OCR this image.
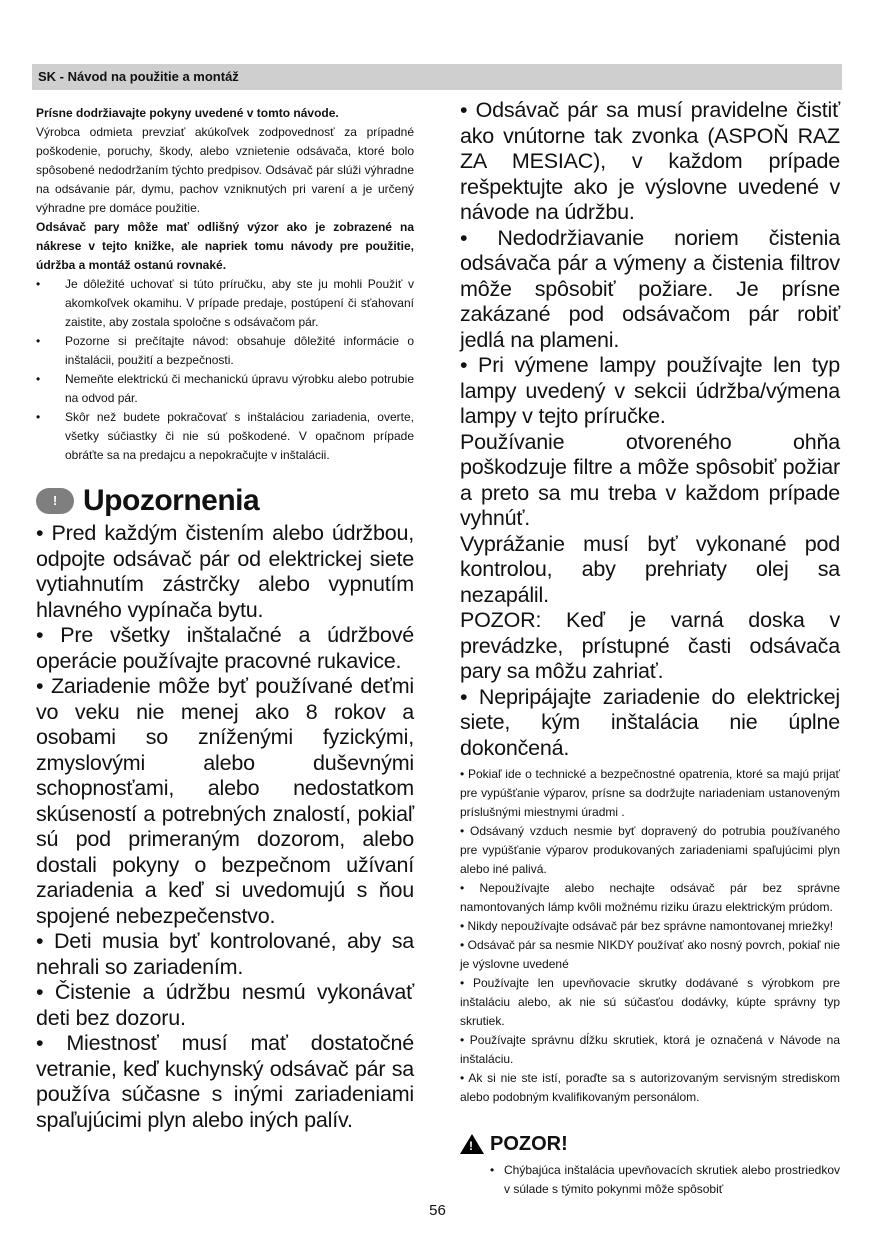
SK - Návod na použitie a montáž

Prísne dodržiavajte pokyny uvedené v tomto návode.

Výrobca odmieta prevziať akúkoľvek zodpovednosť za prípadné poškodenie, poruchy, škody, alebo vznietenie odsávača, ktoré bolo spôsobené nedodržaním týchto predpisov. Odsávač pár slúži výhradne na odsávanie pár, dymu, pachov vzniknutých pri varení a je určený výhradne pre domáce použitie.

Odsávač pary môže mať odlišný výzor ako je zobrazené na nákrese v tejto knižke, ale napriek tomu návody pre použitie, údržba a montáž ostanú rovnaké.

• Je dôležité uchovať si túto príručku, aby ste ju mohli Použiť v akomkoľvek okamihu. V prípade predaje, postúpení či sťahovaní zaistite, aby zostala spoločne s odsávačom pár.
• Pozorne si prečítajte návod: obsahuje dôležité informácie o inštalácii, použití a bezpečnosti.
• Nemeňte elektrickú či mechanickú úpravu výrobku alebo potrubie na odvod pár.
• Skôr než budete pokračovať s inštaláciou zariadenia, overte, všetky súčiastky či nie sú poškodené. V opačnom prípade obráťte sa na predajcu a nepokračujte v inštalácii.
! Upozornenia

• Pred každým čistením alebo údržbou, odpojte odsávač pár od elektrickej siete vytiahnutím zástrčky alebo vypnutím hlavného vypínača bytu.

• Pre všetky inštalačné a údržbové operácie používajte pracovné rukavice.

• Zariadenie môže byť používané deťmi vo veku nie menej ako 8 rokov a osobami so zníženými fyzickými, zmyslovými alebo duševnými schopnosťami, alebo nedostatkom skúseností a potrebných znalostí, pokiaľ sú pod primeraným dozorom, alebo dostali pokyny o bezpečnom užívaní zariadenia a keď si uvedomujú s ňou spojené nebezpečenstvo.

• Deti musia byť kontrolované, aby sa nehrali so zariadením.

• Čistenie a údržbu nesmú vykonávať deti bez dozoru.

• Miestnosť musí mať dostatočné vetranie, keď kuchynský odsávač pár sa používa súčasne s inými zariadeniami spaľujúcimi plyn alebo iných palív.

• Odsávač pár sa musí pravidelne čistiť ako vnútorne tak zvonka (ASPOŇ RAZ ZA MESIAC), v každom prípade rešpektujte ako je výslovne uvedené v návode na údržbu.

• Nedodržiavanie noriem čistenia odsávača pár a výmeny a čistenia filtrov môže spôsobiť požiare. Je prísne zakázané pod odsávačom pár robiť jedlá na plameni.

• Pri výmene lampy používajte len typ lampy uvedený v sekcii údržba/výmena lampy v tejto príručke.

Používanie otvoreného ohňa poškodzuje filtre a môže spôsobiť požiar a preto sa mu treba v každom prípade vyhnúť.

Vyprážanie musí byť vykonané pod kontrolou, aby prehriaty olej sa nezapálil.

POZOR: Keď je varná doska v prevádzke, prístupné časti odsávača pary sa môžu zahriať.

• Nepripájajte zariadenie do elektrickej siete, kým inštalácia nie úplne dokončená.

• Pokiaľ ide o technické a bezpečnostné opatrenia, ktoré sa majú prijať pre vypúšťanie výparov, prísne sa dodržujte nariadeniam ustanoveným príslušnými miestnymi úradmi .

• Odsávaný vzduch nesmie byť dopravený do potrubia používaného pre vypúšťanie výparov produkovaných zariadeniami spaľujúcimi plyn alebo iné palivá.

• Nepoužívajte alebo nechajte odsávač pár bez správne namontovaných lámp kvôli možnému riziku úrazu elektrickým prúdom.

• Nikdy nepoužívajte odsávač pár bez správne namontovanej mriežky!

• Odsávač pár sa nesmie NIKDY používať ako nosný povrch, pokiaľ nie je výslovne uvedené

• Používajte len upevňovacie skrutky dodávané s výrobkom pre inštaláciu alebo, ak nie sú súčasťou dodávky, kúpte správny typ skrutiek.

• Používajte správnu dĺžku skrutiek, ktorá je označená v Návode na inštaláciu.

• Ak si nie ste istí, poraďte sa s autorizovaným servisným strediskom alebo podobným kvalifikovaným personálom.

! POZOR!
• Chýbajúca inštalácia upevňovacích skrutiek alebo prostriedkov v súlade s týmito pokynmi môže spôsobiť
56
